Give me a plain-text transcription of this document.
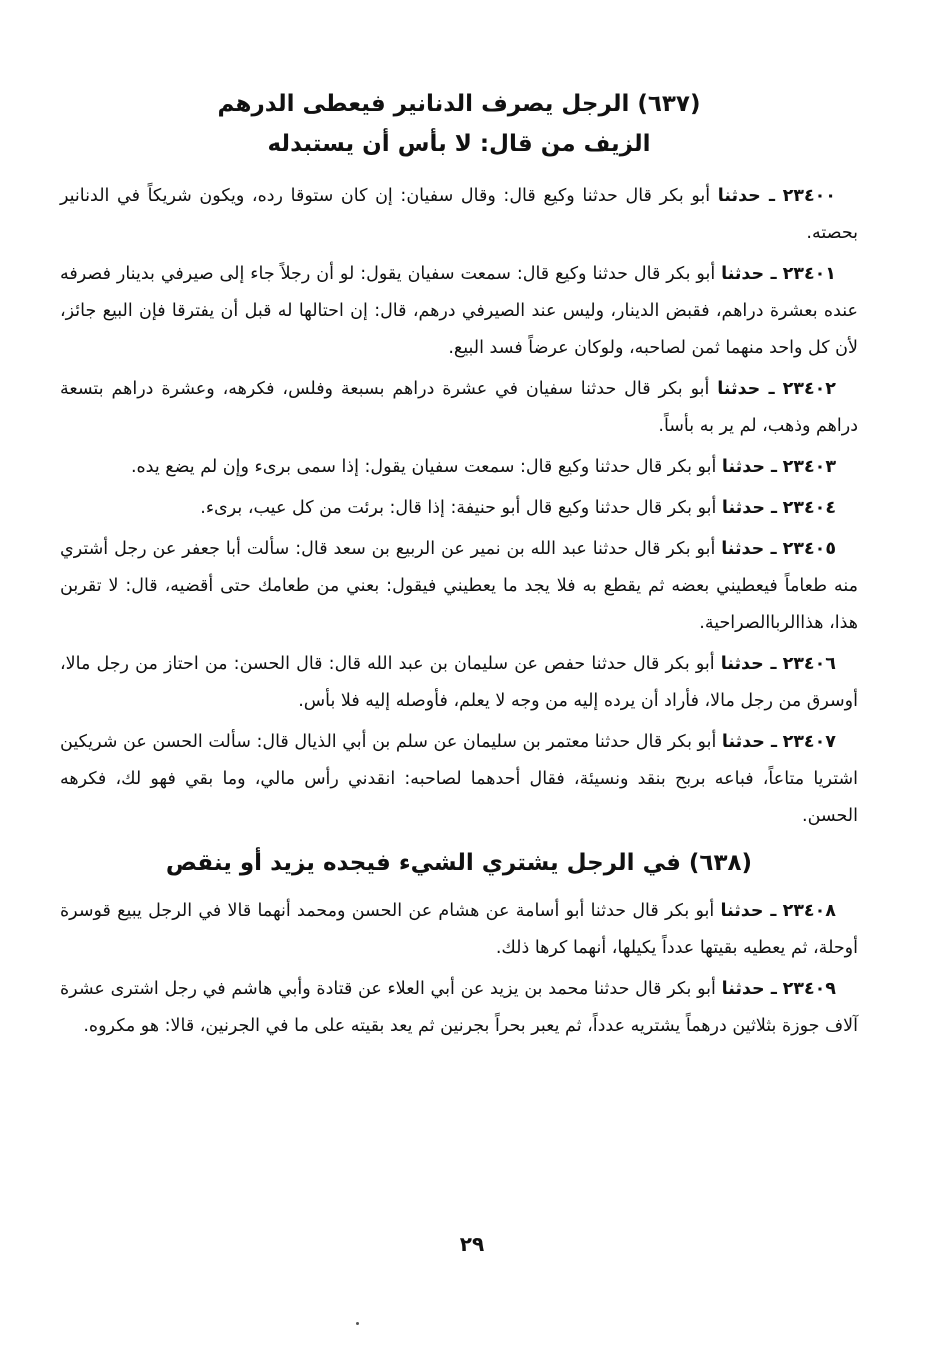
(٦٣٧) الرجل يصرف الدنانير فيعطى الدرهم
الزيف من قال: لا بأس أن يستبدله

٢٣٤٠٠ ـ حدثنا أبو بكر قال حدثنا وكيع قال: وقال سفيان: إن كان ستوقا رده، ويكون شريكاً في الدنانير بحصته.

٢٣٤٠١ ـ حدثنا أبو بكر قال حدثنا وكيع قال: سمعت سفيان يقول: لو أن رجلاً جاء إلى صيرفي بدينار فصرفه عنده بعشرة دراهم، فقبض الدينار، وليس عند الصيرفي درهم، قال: إن احتالها له قبل أن يفترقا فإن البيع جائز، لأن كل واحد منهما ثمن لصاحبه، ولوكان عرضاً فسد البيع.

٢٣٤٠٢ ـ حدثنا أبو بكر قال حدثنا سفيان في عشرة دراهم بسبعة وفلس، فكرهه، وعشرة دراهم بتسعة دراهم وذهب، لم ير به بأساً.

٢٣٤٠٣ ـ حدثنا أبو بكر قال حدثنا وكيع قال: سمعت سفيان يقول: إذا سمى برىء وإن لم يضع يده.

٢٣٤٠٤ ـ حدثنا أبو بكر قال حدثنا وكيع قال أبو حنيفة: إذا قال: برئت من كل عيب، برىء.

٢٣٤٠٥ ـ حدثنا أبو بكر قال حدثنا عبد الله بن نمير عن الربيع بن سعد قال: سألت أبا جعفر عن رجل أشتري منه طعاماً فيعطيني بعضه ثم يقطع به فلا يجد ما يعطيني فيقول: بعني من طعامك حتى أقضيه، قال: لا تقربن هذا، هذاالرباالصراحية.

٢٣٤٠٦ ـ حدثنا أبو بكر قال حدثنا حفص عن سليمان بن عبد الله قال: قال الحسن: من احتاز من رجل مالا، أوسرق من رجل مالا، فأراد أن يرده إليه من وجه لا يعلم، فأوصله إليه فلا بأس.

٢٣٤٠٧ ـ حدثنا أبو بكر قال حدثنا معتمر بن سليمان عن سلم بن أبي الذيال قال: سألت الحسن عن شريكين اشتريا متاعاً، فباعه بربح بنقد ونسيئة، فقال أحدهما لصاحبه: انقدني رأس مالي، وما بقي فهو لك، فكرهه الحسن.

(٦٣٨) في الرجل يشتري الشيء فيجده يزيد أو ينقص

٢٣٤٠٨ ـ حدثنا أبو بكر قال حدثنا أبو أسامة عن هشام عن الحسن ومحمد أنهما قالا في الرجل يبيع قوسرة أوحلة، ثم يعطيه بقيتها عدداً يكيلها، أنهما كرها ذلك.

٢٣٤٠٩ ـ حدثنا أبو بكر قال حدثنا محمد بن يزيد عن أبي العلاء عن قتادة وأبي هاشم في رجل اشترى عشرة آلاف جوزة بثلاثين درهماً يشتريه عدداً، ثم يعبر بحراً بجرنين ثم يعد بقيته على ما في الجرنين، قالا: هو مكروه.

٢٩
